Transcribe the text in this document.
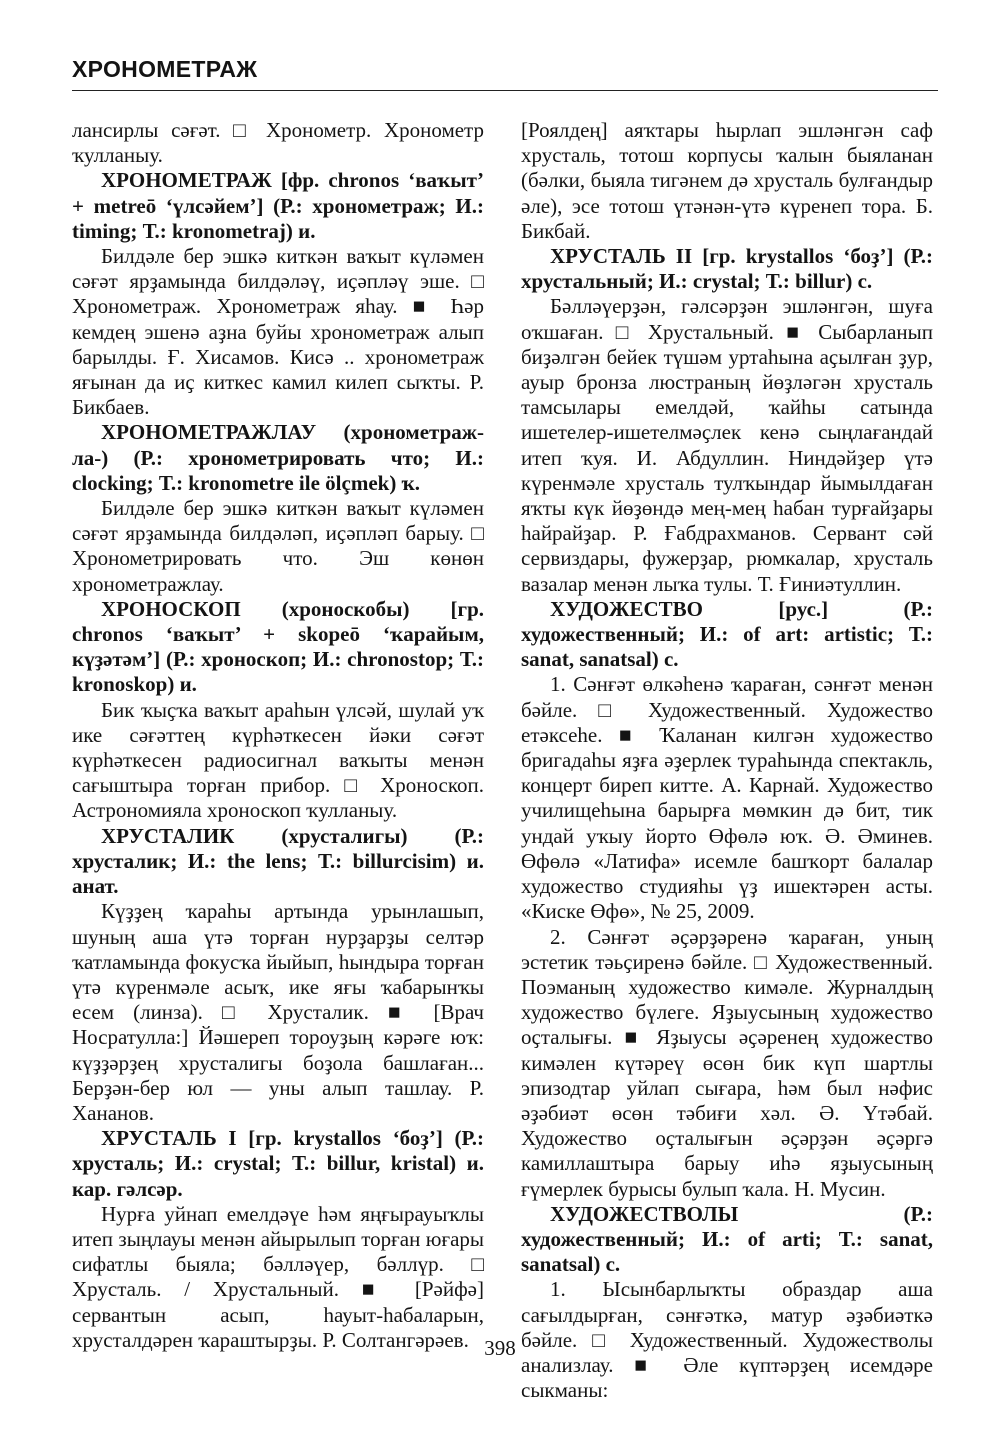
ХРОНОМЕТРАЖ

лансирлы сәғәт. □ Хронометр. Хронометр ҡулланыу.

ХРОНОМЕТРАЖ [фр. chronos ‘ваҡыт’ + metreō ‘үлсәйем’] (Р.: хронометраж; И.: timing; Т.: kronometraj) и.

Билдәле бер эшкә киткән ваҡыт күләмен сәғәт ярҙамында билдәләү, иҫәпләү эше. □ Хронометраж. Хронометраж яһау. ■ Һәр кемдең эшенә аҙна буйы хронометраж алып барылды. Ғ. Хисамов. Кисә .. хронометраж яғынан да иҫ киткес камил килеп сыҡты. Р. Бикбаев.

ХРОНОМЕТРАЖЛАУ (хронометраж-ла-) (Р.: хронометрировать что; И.: clocking; Т.: kronometre ile ölçmek) ҡ.

Билдәле бер эшкә киткән ваҡыт күләмен сәғәт ярҙамында билдәләп, иҫәпләп барыу. □ Хронометрировать что. Эш көнөн хронометражлау.

ХРОНОСКОП (хроноскобы) [гр. chronos ‘ваҡыт’ + skopeō ‘ҡарайым, күҙәтәм’] (Р.: хроноскоп; И.: chronostop; Т.: kronoskop) и.

Бик ҡыҫҡа ваҡыт араһын үлсәй, шулай уҡ ике сәғәттең күрһәткесен йәки сәғәт күрһәткесен радиосигнал ваҡыты менән сағыштыра торған прибор. □ Хроноскоп. Астрономияла хроноскоп ҡулланыу.

ХРУСТАЛИК (хрусталигы) (Р.: хрусталик; И.: the lens; Т.: billurcisim) и. анат.

Күҙҙең ҡараһы артында урынлашып, шуның аша үтә торған нурҙарҙы селтәр ҡатламында фокусҡа йыйып, һындыра торған үтә күренмәле асыҡ, ике яғы ҡабарынҡы есем (линза). □ Хрусталик. ■ [Врач Носратулла:] Йәшереп тороуҙың кәрәге юҡ: күҙҙәрҙең хрусталигы боҙола башлаған... Берҙән-бер юл — уны алып ташлау. Р. Хананов.

ХРУСТАЛЬ I [гр. krystallos ‘боҙ’] (Р.: хрусталь; И.: crystal; Т.: billur, kristal) и. кар. гәлсәр.

Нурға уйнап емелдәүе һәм яңғырауыҡлы итеп зыңлауы менән айырылып торған юғары сифатлы быяла; бәлләүер, бәллүр. □ Хрусталь. / Хрустальный. ■ [Рәйфә] сервантын асып, һауыт-һабаларын, хрусталдәрен ҡараштырҙы. Р. Солтангәрәев.

[Роялдең] аяҡтары һырлап эшләнгән саф хрусталь, тотош корпусы ҡалын быяланан (бәлки, быяла тигәнем дә хрусталь булғандыр әле), эсе тотош үтәнән-үтә күренеп тора. Б. Бикбай.

ХРУСТАЛЬ II [гр. krystallos ‘боҙ’] (Р.: хрустальный; И.: crystal; Т.: billur) с.

Бәлләүерҙән, гәлсәрҙән эшләнгән, шуға оҡшаған. □ Хрустальный. ■ Сыбарланып биҙәлгән бейек түшәм уртаһына аҫылған ҙур, ауыр бронза люстраның йөҙләгән хрусталь тамсылары емелдәй, ҡайһы сатында ишетелер-ишетелмәҫлек кенә сыңлағандай итеп ҡуя. И. Абдуллин. Ниндәйҙер үтә күренмәле хрусталь тулҡындар йымылдаған яҡты күк йөҙөндә мең-мең һабан турғайҙары һайрайҙар. Р. Ғабдрахманов. Сервант сәй сервиздары, фужерҙар, рюмкалар, хрусталь вазалар менән лыҡа тулы. Т. Ғиниәтуллин.

ХУДОЖЕСТВО [рус.] (Р.: художественный; И.: of art: artistic; Т.: sanat, sanatsal) с.

1. Сәнғәт өлкәһенә ҡараған, сәнғәт менән бәйле. □ Художественный. Художество етәксеһе. ■ Ҡаланан килгән художество бригадаһы яҙға әҙерлек тураһында спектакль, концерт биреп китте. А. Карнай. Художество училищеһына барырға мөмкин дә бит, тик ундай уҡыу йорто Өфөлә юҡ. Ә. Әминев. Өфөлә «Латифа» исемле башҡорт балалар художество студияһы үҙ ишектәрен асты. «Киске Өфө», № 25, 2009.

2. Сәнғәт әҫәрҙәренә ҡараған, уның эстетик тәьҫиренә бәйле. □ Художественный. Поэманың художество кимәле. Журналдың художество бүлеге. Яҙыусының художество оҫталығы. ■ Яҙыусы әҫәренең художество кимәлен күтәреү өсөн бик күп шартлы эпизодтар уйлап сығара, һәм был нәфис әҙәбиәт өсөн тәбиғи хәл. Ә. Үтәбай. Художество оҫталығын әҫәрҙән әҫәргә камиллаштыра барыу иһә яҙыусының ғүмерлек бурысы булып ҡала. Н. Мусин.

ХУДОЖЕСТВОЛЫ (Р.: художественный; И.: of arti; Т.: sanat, sanatsal) с.

1. Ысынбарлыҡты образдар аша сағылдырған, сәнғәткә, матур әҙәбиәткә бәйле. □ Художественный. Художестволы анализлау. ■ Әле күптәрҙең исемдәре сыкманы:

398
